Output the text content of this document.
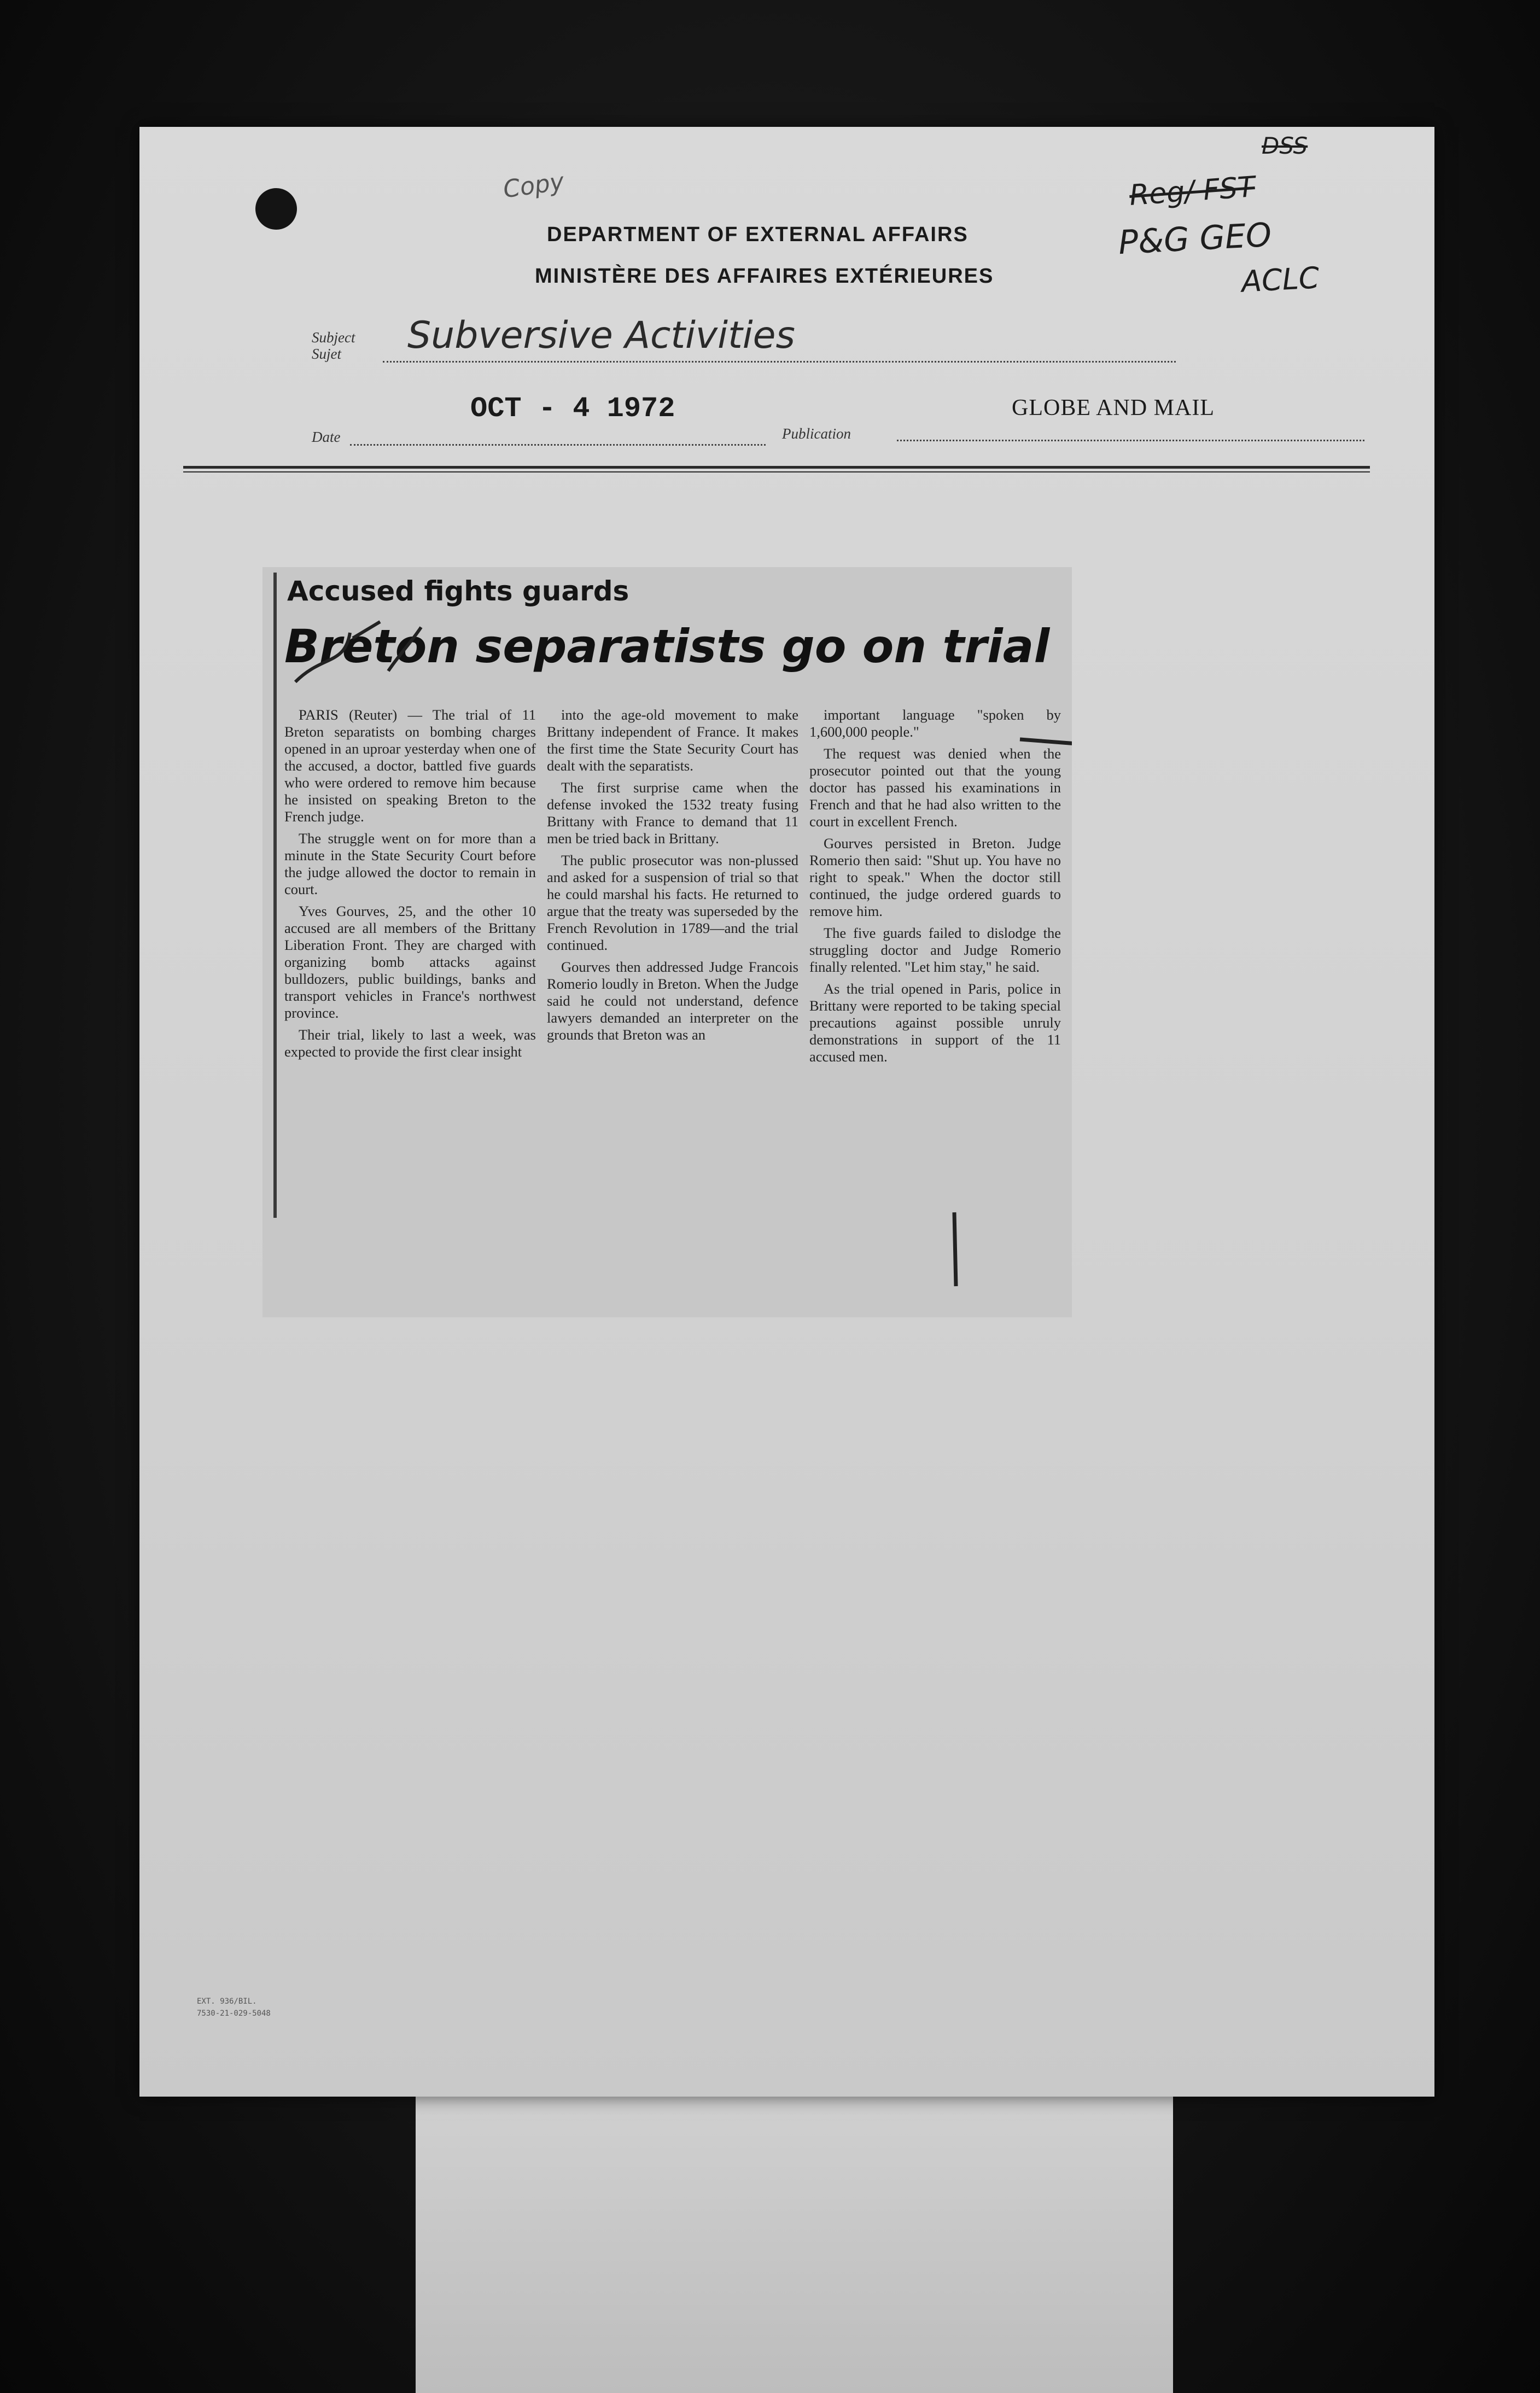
Copy
DSS
Reg/ FST
P&G GEO
ACLC
DEPARTMENT OF EXTERNAL AFFAIRS
MINISTÈRE DES AFFAIRES EXTÉRIEURES
Subject
Sujet Subversive Activities
Date
OCT - 4 1972
Publication
GLOBE AND MAIL
Accused fights guards
Breton separatists go on trial

PARIS (Reuter) — The trial of 11 Breton separatists on bombing charges opened in an uproar yesterday when one of the accused, a doctor, battled five guards who were ordered to remove him because he insisted on speaking Breton to the French judge.

The struggle went on for more than a minute in the State Security Court before the judge allowed the doctor to remain in court.

Yves Gourves, 25, and the other 10 accused are all members of the Brittany Liberation Front. They are charged with organizing bomb attacks against bulldozers, public buildings, banks and transport vehicles in France's northwest province.

Their trial, likely to last a week, was expected to provide the first clear insight

into the age-old movement to make Brittany independent of France. It makes the first time the State Security Court has dealt with the separatists.

The first surprise came when the defense invoked the 1532 treaty fusing Brittany with France to demand that 11 men be tried back in Brittany.

The public prosecutor was non-plussed and asked for a suspension of trial so that he could marshal his facts. He returned to argue that the treaty was superseded by the French Revolution in 1789—and the trial continued.

Gourves then addressed Judge Francois Romerio loudly in Breton. When the Judge said he could not understand, defence lawyers demanded an interpreter on the grounds that Breton was an

important language "spoken by 1,600,000 people."

The request was denied when the prosecutor pointed out that the young doctor has passed his examinations in French and that he had also written to the court in excellent French.

Gourves persisted in Breton. Judge Romerio then said: "Shut up. You have no right to speak." When the doctor still continued, the judge ordered guards to remove him.

The five guards failed to dislodge the struggling doctor and Judge Romerio finally relented. "Let him stay," he said.

As the trial opened in Paris, police in Brittany were reported to be taking special precautions against possible unruly demonstrations in support of the 11 accused men.

EXT. 936/BIL.
7530-21-029-5048
